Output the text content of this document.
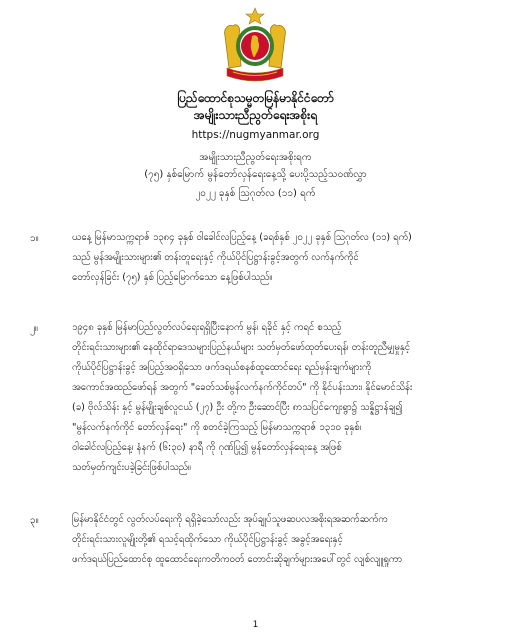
ပြည်ထောင်စုသမ္မတမြန်မာနိုင်ငံတော်
အမျိုးသားညီညွတ်ရေးအစိုးရ
https://nugmyanmar.org
အမျိုးသားညီညွတ်ရေးအစိုးရက
(၇၅) နှစ်မြောက် မွန်တော်လှန်ရေးနေ့သို့ ပေးပို့သည့်သဝဏ်လွှာ
၂၀၂၂ ခုနှစ် ဩဂုတ်လ (၁၁) ရက်
၁။	ယနေ့ မြန်မာသက္ကရာဇ် ၁၃၈၄ ခုနှစ် ဝါခေါင်လပြည့်နေ့ (ခရစ်နှစ် ၂၀၂၂ ခုနှစ် ဩဂုတ်လ (၁၁) ရက်)
သည် မွန်အမျိုးသားများ၏ တန်းတူရေးနှင့် ကိုယ်ပိုင်ပြဋ္ဌာန်းခွင့်အတွက် လက်နက်ကိုင်
တော်လှန်ခြင်း (၇၅) နှစ် ပြည့်မြောက်သော နေ့ဖြစ်ပါသည်။
၂။	၁၉၄၈ ခုနှစ် မြန်မာပြည်လွတ်လပ်ရေးရရှိပြီးနောက် မွန်၊ ရခိုင် နှင့် ကရင် စသည့်
တိုင်းရင်းသားများ၏ နေထိုင်ရာဒေသများပြည်နယ်များ သတ်မှတ်ဖော်ထုတ်ပေးရန်၊ တန်းတူညီမျှမှုနှင့်
ကိုယ်ပိုင်ပြဋ္ဌာန်းခွင့် အပြည့်အဝရှိသော ဖက်ဒရယ်စနစ်ထူထောင်ရေး ရည်မှန်းချက်များကို
အကောင်အထည်ဖော်ရန် အတွက် "ခေတ်သစ်မွန်လက်နက်ကိုင်တပ်" ကို နိုင်ပန်းသား၊ နိုင်မောင်သိန်း
(ခ) ဗိုလ်သိန်း နှင့် မွန်မျိုးချစ်လူငယ် (၂၇) ဦး တို့က ဦးဆောင်ပြီး ၈ာသပြင်ကျေးရွာ၌ သန္နိဋ္ဌာန်ချ၍
"မွန်လက်နက်ကိုင် တော်လှန်ရေး" ကို စတင်ခဲ့ကြသည့် မြန်မာသက္ကရာဇ် ၁၃၁၀ ခုနှစ်၊
ဝါခေါင်လပြည့်နေ့၊ နံနက် (၆:၃၀) နာရီ ကို ဂုဏ်ပြု၍ မွန်တော်လှန်ရေးနေ့ အဖြစ်
သတ်မှတ်ကျင်းပခဲ့ခြင်းဖြစ်ပါသည်။
၃။	မြန်မာနိုင်ငံတွင် လွတ်လပ်ရေးကို ရရှိခဲ့သော်လည်း အုပ်ချုပ်သူဖဆပလအစိုးရအဆက်ဆက်က
တိုင်းရင်းသားလူမျိုးတို့၏ ရသင့်ရထိုက်သော ကိုယ်ပိုင်ပြဋ္ဌာန်းခွင့် အခွင့်အရေးနှင့်
ဖက်ဒရယ်ပြည်ထောင်စု ထူထောင်ရေးကတိကဝတ် တောင်းဆိုချက်များအပေါ်တွင် လျစ်လျူရှုကာ
1
